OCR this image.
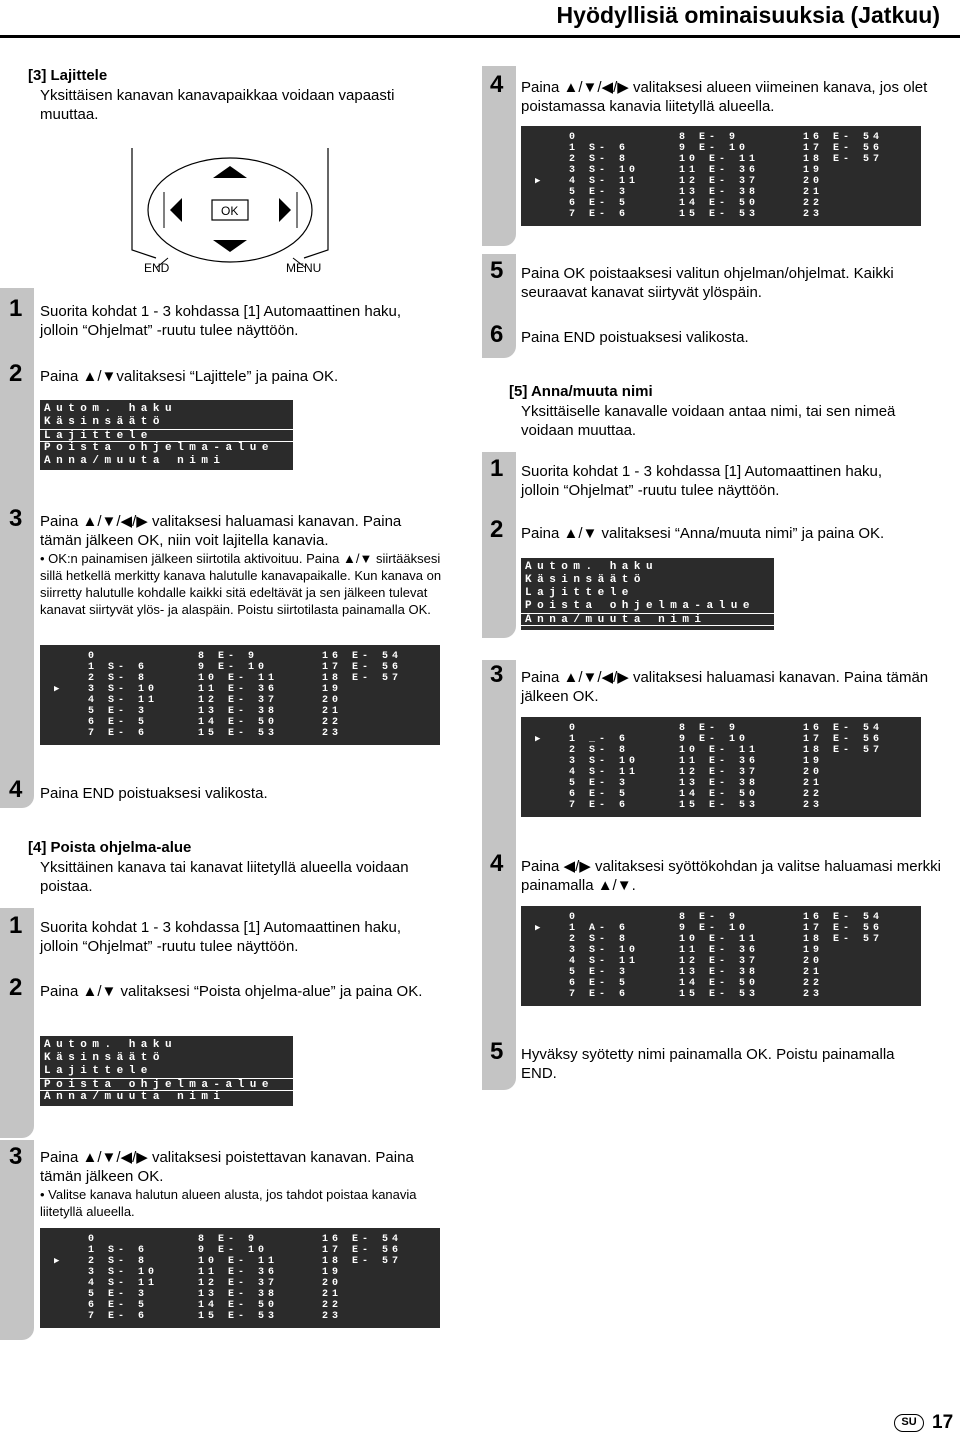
Hyödyllisiä ominaisuuksia (Jatkuu)
[3] Lajittele
Yksittäisen kanavan kanavapaikkaa voidaan vapaasti muuttaa.
OK
END	MENU
1 Suorita kohdat 1 - 3 kohdassa [1] Automaattinen haku, jolloin “Ohjelmat” -ruutu tulee näyttöön.
2 Paina ▲/▼valitaksesi “Lajittele” ja paina OK.
Autom. haku
Käsinsäätö
Lajittele
Poista ohjelma-alue
Anna/muuta nimi
3 Paina ▲/▼/◀/▶ valitaksesi haluamasi kanavan. Paina tämän jälkeen OK, niin voit lajitella kanavia.
• OK:n painamisen jälkeen siirtotila aktivoituu. Paina ▲/▼ siirtääksesi sillä hetkellä merkitty kanava halutulle kanavapaikalle. Kun kanava on siirretty halutulle kohdalle kaikki sitä edeltävät ja sen jälkeen tulevat kanavat siirtyvät ylös- ja alaspäin. Poistu siirtotilasta painamalla OK.
▶
0
1 S- 6
2 S- 8
3 S- 10
4 S- 11
5 E- 3
6 E- 5
7 E- 6
8 E- 9
9 E- 10
10 E- 11
11 E- 36
12 E- 37
13 E- 38
14 E- 50
15 E- 53
16 E- 54
17 E- 56
18 E- 57
19
20
21
22
23
4 Paina END poistuaksesi valikosta.
[4] Poista ohjelma-alue
Yksittäinen kanava tai kanavat liitetyllä alueella voidaan poistaa.
1 Suorita kohdat 1 - 3 kohdassa [1] Automaattinen haku, jolloin “Ohjelmat” -ruutu tulee näyttöön.
2 Paina ▲/▼ valitaksesi “Poista ohjelma-alue” ja paina OK.
Autom. haku
Käsinsäätö
Lajittele
Poista ohjelma-alue
Anna/muuta nimi
3 Paina ▲/▼/◀/▶ valitaksesi poistettavan kanavan. Paina tämän jälkeen OK.
• Valitse kanava halutun alueen alusta, jos tahdot poistaa kanavia liitetyllä alueella.
▶
0
1 S- 6
2 S- 8
3 S- 10
4 S- 11
5 E- 3
6 E- 5
7 E- 6
8 E- 9
9 E- 10
10 E- 11
11 E- 36
12 E- 37
13 E- 38
14 E- 50
15 E- 53
16 E- 54
17 E- 56
18 E- 57
19
20
21
22
23
4 Paina ▲/▼/◀/▶ valitaksesi alueen viimeinen kanava, jos olet poistamassa kanavia liitetyllä alueella.
▶
0
1 S- 6
2 S- 8
3 S- 10
4 S- 11
5 E- 3
6 E- 5
7 E- 6
8 E- 9
9 E- 10
10 E- 11
11 E- 36
12 E- 37
13 E- 38
14 E- 50
15 E- 53
16 E- 54
17 E- 56
18 E- 57
19
20
21
22
23
5 Paina OK poistaaksesi valitun ohjelman/ohjelmat. Kaikki seuraavat kanavat siirtyvät ylöspäin.
6 Paina END poistuaksesi valikosta.
[5] Anna/muuta nimi
Yksittäiselle kanavalle voidaan antaa nimi, tai sen nimeä voidaan muuttaa.
1 Suorita kohdat 1 - 3 kohdassa [1] Automaattinen haku, jolloin “Ohjelmat” -ruutu tulee näyttöön.
2 Paina ▲/▼ valitaksesi “Anna/muuta nimi” ja paina OK.
Autom. haku
Käsinsäätö
Lajittele
Poista ohjelma-alue
Anna/muuta nimi
3 Paina ▲/▼/◀/▶ valitaksesi haluamasi kanavan. Paina tämän jälkeen OK.
▶
0
1 _- 6
2 S- 8
3 S- 10
4 S- 11
5 E- 3
6 E- 5
7 E- 6
8 E- 9
9 E- 10
10 E- 11
11 E- 36
12 E- 37
13 E- 38
14 E- 50
15 E- 53
16 E- 54
17 E- 56
18 E- 57
19
20
21
22
23
4 Paina ◀/▶ valitaksesi syöttökohdan ja valitse haluamasi merkki painamalla ▲/▼.
▶
0
1 A- 6
2 S- 8
3 S- 10
4 S- 11
5 E- 3
6 E- 5
7 E- 6
8 E- 9
9 E- 10
10 E- 11
11 E- 36
12 E- 37
13 E- 38
14 E- 50
15 E- 53
16 E- 54
17 E- 56
18 E- 57
19
20
21
22
23
5 Hyväksy syötetty nimi painamalla OK. Poistu painamalla END.
SU 17
